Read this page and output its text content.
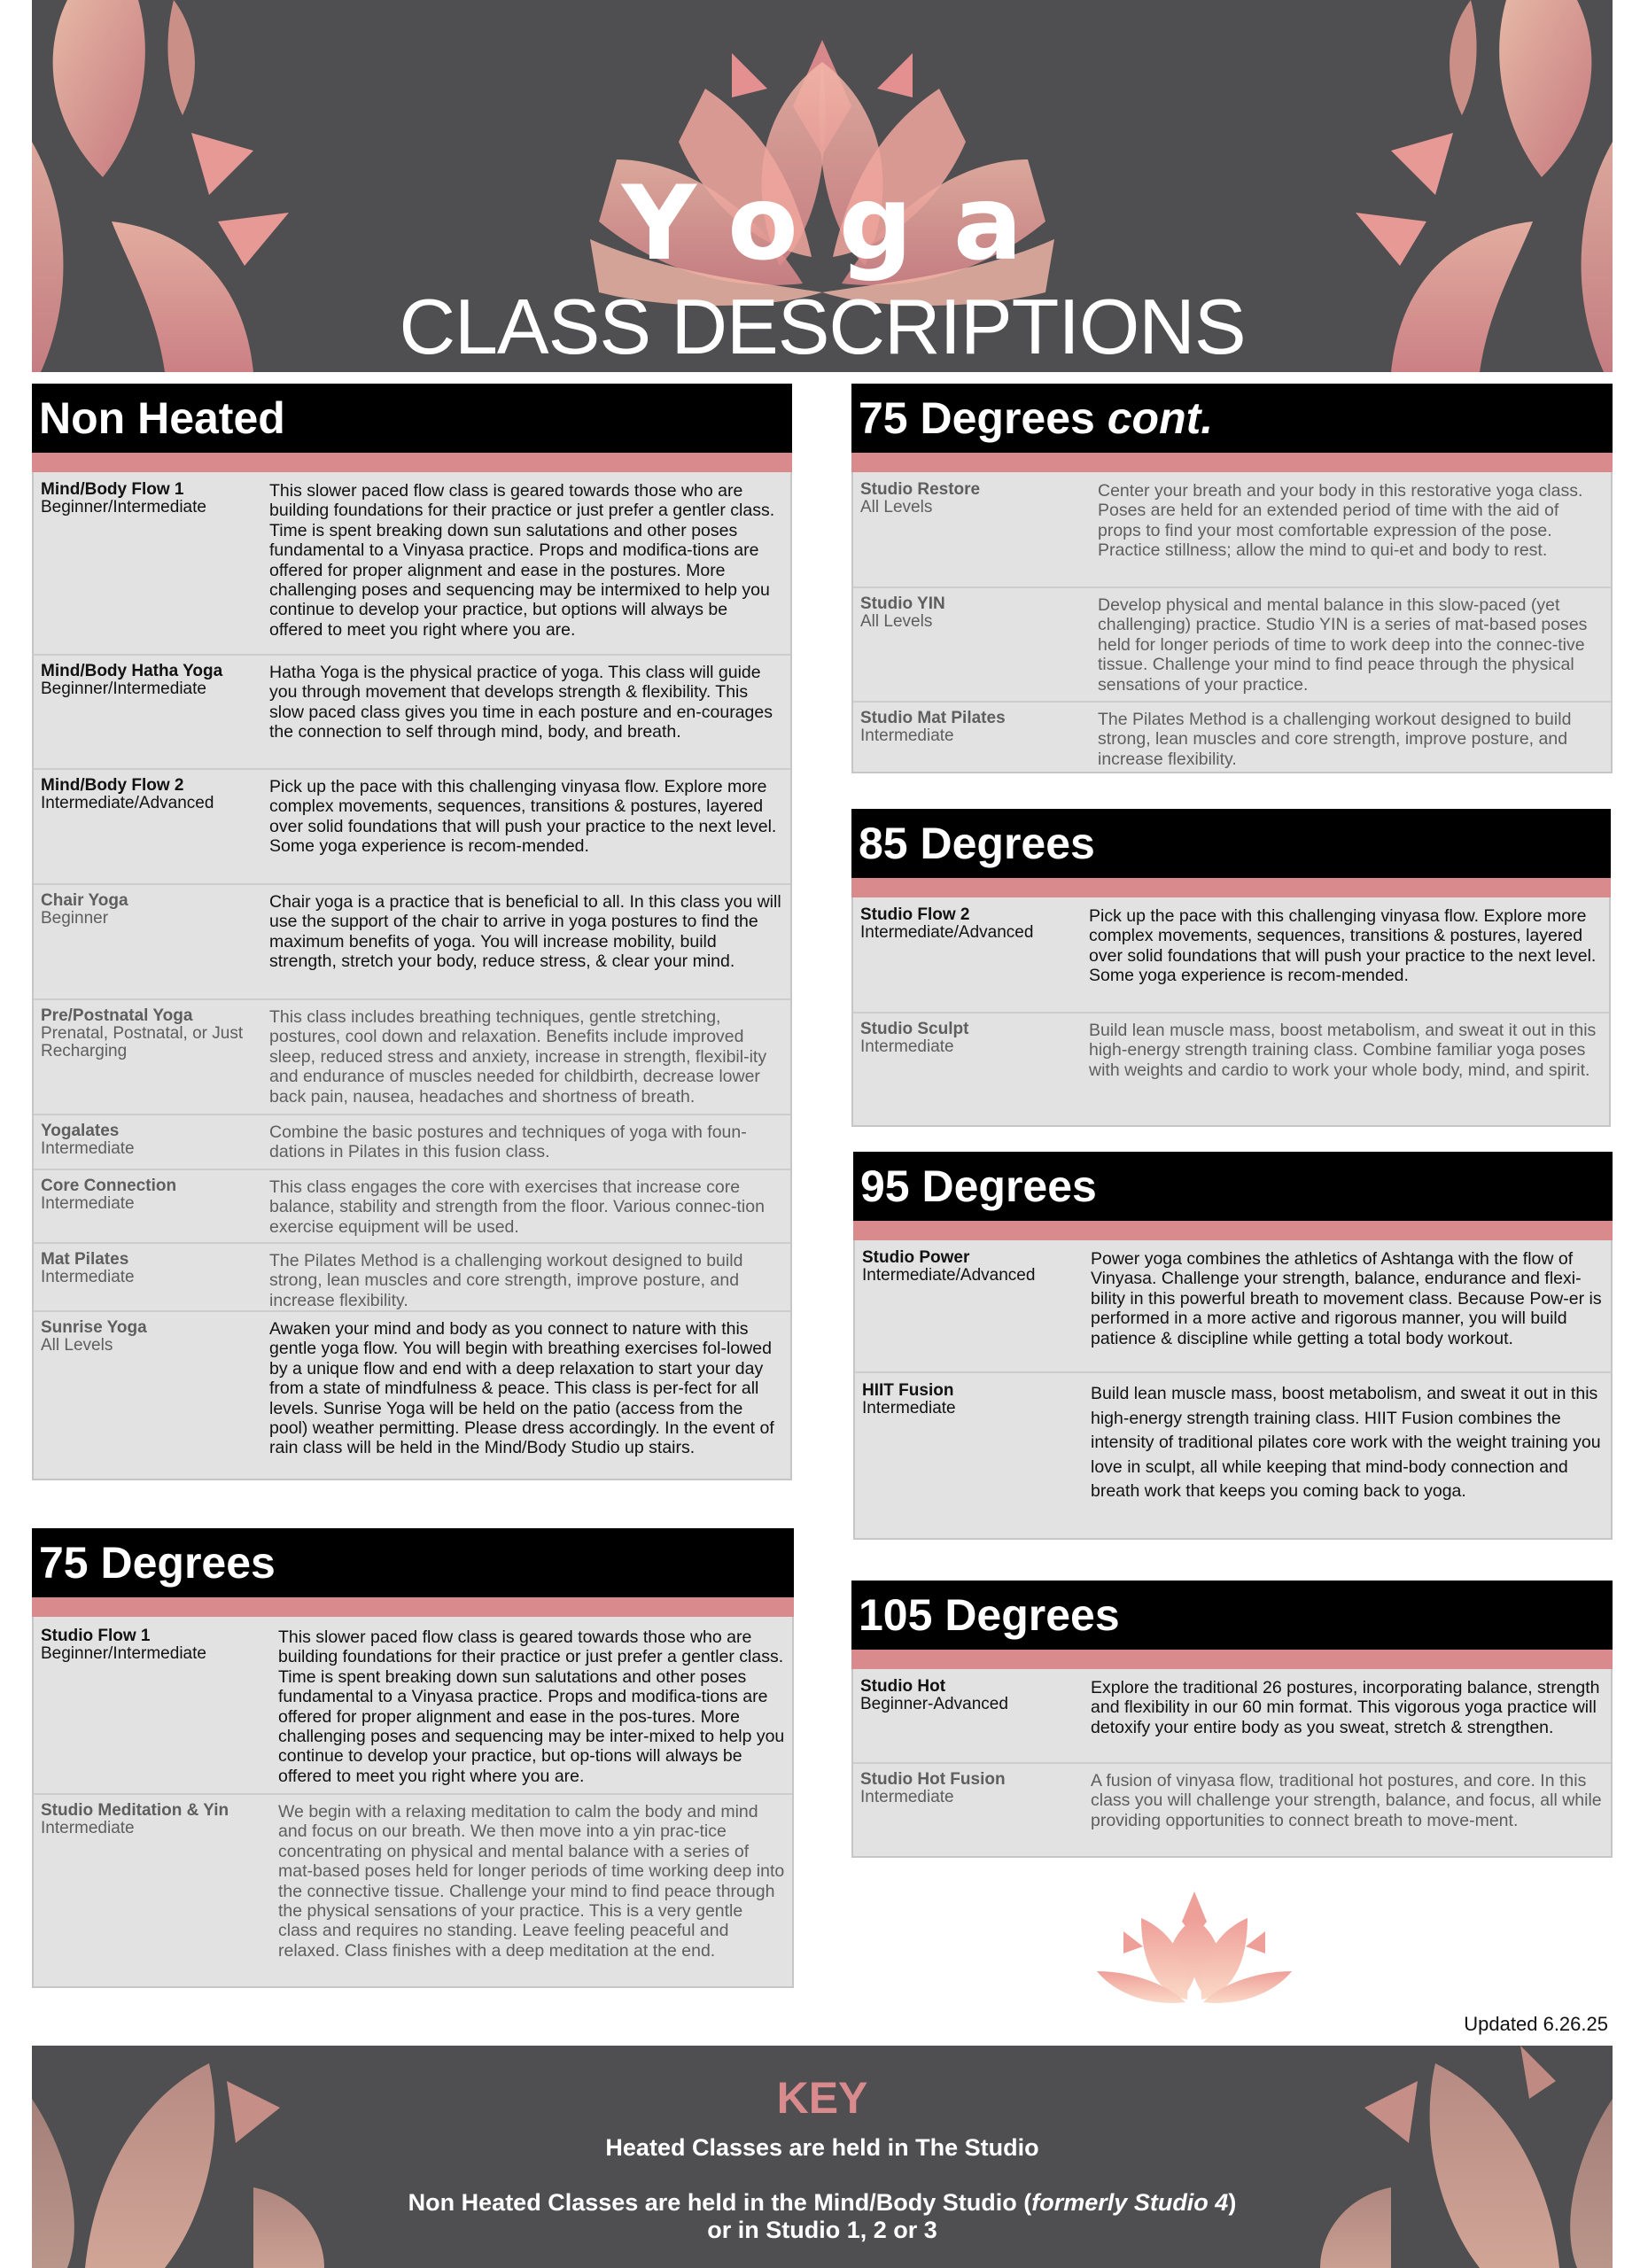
Yoga
CLASS DESCRIPTIONS
Non Heated
Mind/Body Flow 1
Beginner/Intermediate
This slower paced flow class is geared towards those who are building foundations for their practice or just prefer a gentler class. Time is spent breaking down sun salutations and other poses fundamental to a Vinyasa practice. Props and modifica-tions are offered for proper alignment and ease in the postures. More challenging poses and sequencing may be intermixed to help you continue to develop your practice, but options will always be offered to meet you right where you are.
Mind/Body Hatha Yoga
Beginner/Intermediate
Hatha Yoga is the physical practice of yoga. This class will guide you through movement that develops strength & flexibility. This slow paced class gives you time in each posture and en-courages the connection to self through mind, body, and breath.
Mind/Body Flow 2
Intermediate/Advanced
Pick up the pace with this challenging vinyasa flow. Explore more complex movements, sequences, transitions & postures, layered over solid foundations that will push your practice to the next level. Some yoga experience is recom-mended.
Chair Yoga
Beginner
Chair yoga is a practice that is beneficial to all. In this class you will use the support of the chair to arrive in yoga postures to find the maximum benefits of yoga. You will increase mobility, build strength, stretch your body, reduce stress, & clear your mind.
Pre/Postnatal Yoga
Prenatal, Postnatal, or Just Recharging
This class includes breathing techniques, gentle stretching, postures, cool down and relaxation. Benefits include improved sleep, reduced stress and anxiety, increase in strength, flexibil-ity and endurance of muscles needed for childbirth, decrease lower back pain, nausea, headaches and shortness of breath.
Yogalates
Intermediate
Combine the basic postures and techniques of yoga with foun-dations in Pilates in this fusion class.
Core Connection
Intermediate
This class engages the core with exercises that increase core balance, stability and strength from the floor. Various connec-tion exercise equipment will be used.
Mat Pilates
Intermediate
The Pilates Method is a challenging workout designed to build strong, lean muscles and core strength, improve posture, and increase flexibility.
Sunrise Yoga
All Levels
Awaken your mind and body as you connect to nature with this gentle yoga flow. You will begin with breathing exercises fol-lowed by a unique flow and end with a deep relaxation to start your day from a state of mindfulness & peace. This class is per-fect for all levels. Sunrise Yoga will be held on the patio (access from the pool) weather permitting. Please dress accordingly. In the event of rain class will be held in the Mind/Body Studio up stairs.
75 Degrees
Studio Flow 1
Beginner/Intermediate
This slower paced flow class is geared towards those who are building foundations for their practice or just prefer a gentler class. Time is spent breaking down sun salutations and other poses fundamental to a Vinyasa practice. Props and modifica-tions are offered for proper alignment and ease in the pos-tures. More challenging poses and sequencing may be inter-mixed to help you continue to develop your practice, but op-tions will always be offered to meet you right where you are.
Studio Meditation & Yin
Intermediate
We begin with a relaxing meditation to calm the body and mind and focus on our breath. We then move into a yin prac-tice concentrating on physical and mental balance with a series of mat-based poses held for longer periods of time working deep into the connective tissue. Challenge your mind to find peace through the physical sensations of your practice. This is a very gentle class and requires no standing. Leave feeling peaceful and relaxed. Class finishes with a deep meditation at the end.
75 Degrees cont.
Studio Restore
All Levels
Center your breath and your body in this restorative yoga class. Poses are held for an extended period of time with the aid of props to find your most comfortable expression of the pose. Practice stillness; allow the mind to qui-et and body to rest.
Studio YIN
All Levels
Develop physical and mental balance in this slow-paced (yet challenging) practice. Studio YIN is a series of mat-based poses held for longer periods of time to work deep into the connec-tive tissue. Challenge your mind to find peace through the physical sensations of your practice.
Studio Mat Pilates
Intermediate
The Pilates Method is a challenging workout designed to build strong, lean muscles and core strength, improve posture, and increase flexibility.
85 Degrees
Studio Flow 2
Intermediate/Advanced
Pick up the pace with this challenging vinyasa flow. Explore more complex movements, sequences, transitions & postures, layered over solid foundations that will push your practice to the next level. Some yoga experience is recom-mended.
Studio Sculpt
Intermediate
Build lean muscle mass, boost metabolism, and sweat it out in this high-energy strength training class. Combine familiar yoga poses with weights and cardio to work your whole body, mind, and spirit.
95 Degrees
Studio Power
Intermediate/Advanced
Power yoga combines the athletics of Ashtanga with the flow of Vinyasa. Challenge your strength, balance, endurance and flexi-bility in this powerful breath to movement class. Because Pow-er is performed in a more active and rigorous manner, you will build patience & discipline while getting a total body workout.
HIIT Fusion
Intermediate
Build lean muscle mass, boost metabolism, and sweat it out in this high-energy strength training class. HIIT Fusion combines the intensity of traditional pilates core work with the weight training you love in sculpt, all while keeping that mind-body connection and breath work that keeps you coming back to yoga.
105 Degrees
Studio Hot
Beginner-Advanced
Explore the traditional 26 postures, incorporating balance, strength and flexibility in our 60 min format. This vigorous yoga practice will detoxify your entire body as you sweat, stretch & strengthen.
Studio Hot Fusion
Intermediate
A fusion of vinyasa flow, traditional hot postures, and core. In this class you will challenge your strength, balance, and focus, all while providing opportunities to connect breath to move-ment.
Updated 6.26.25
KEY
Heated Classes are held in The Studio
Non Heated Classes are held in the Mind/Body Studio (formerly Studio 4)
or in Studio 1, 2 or 3
